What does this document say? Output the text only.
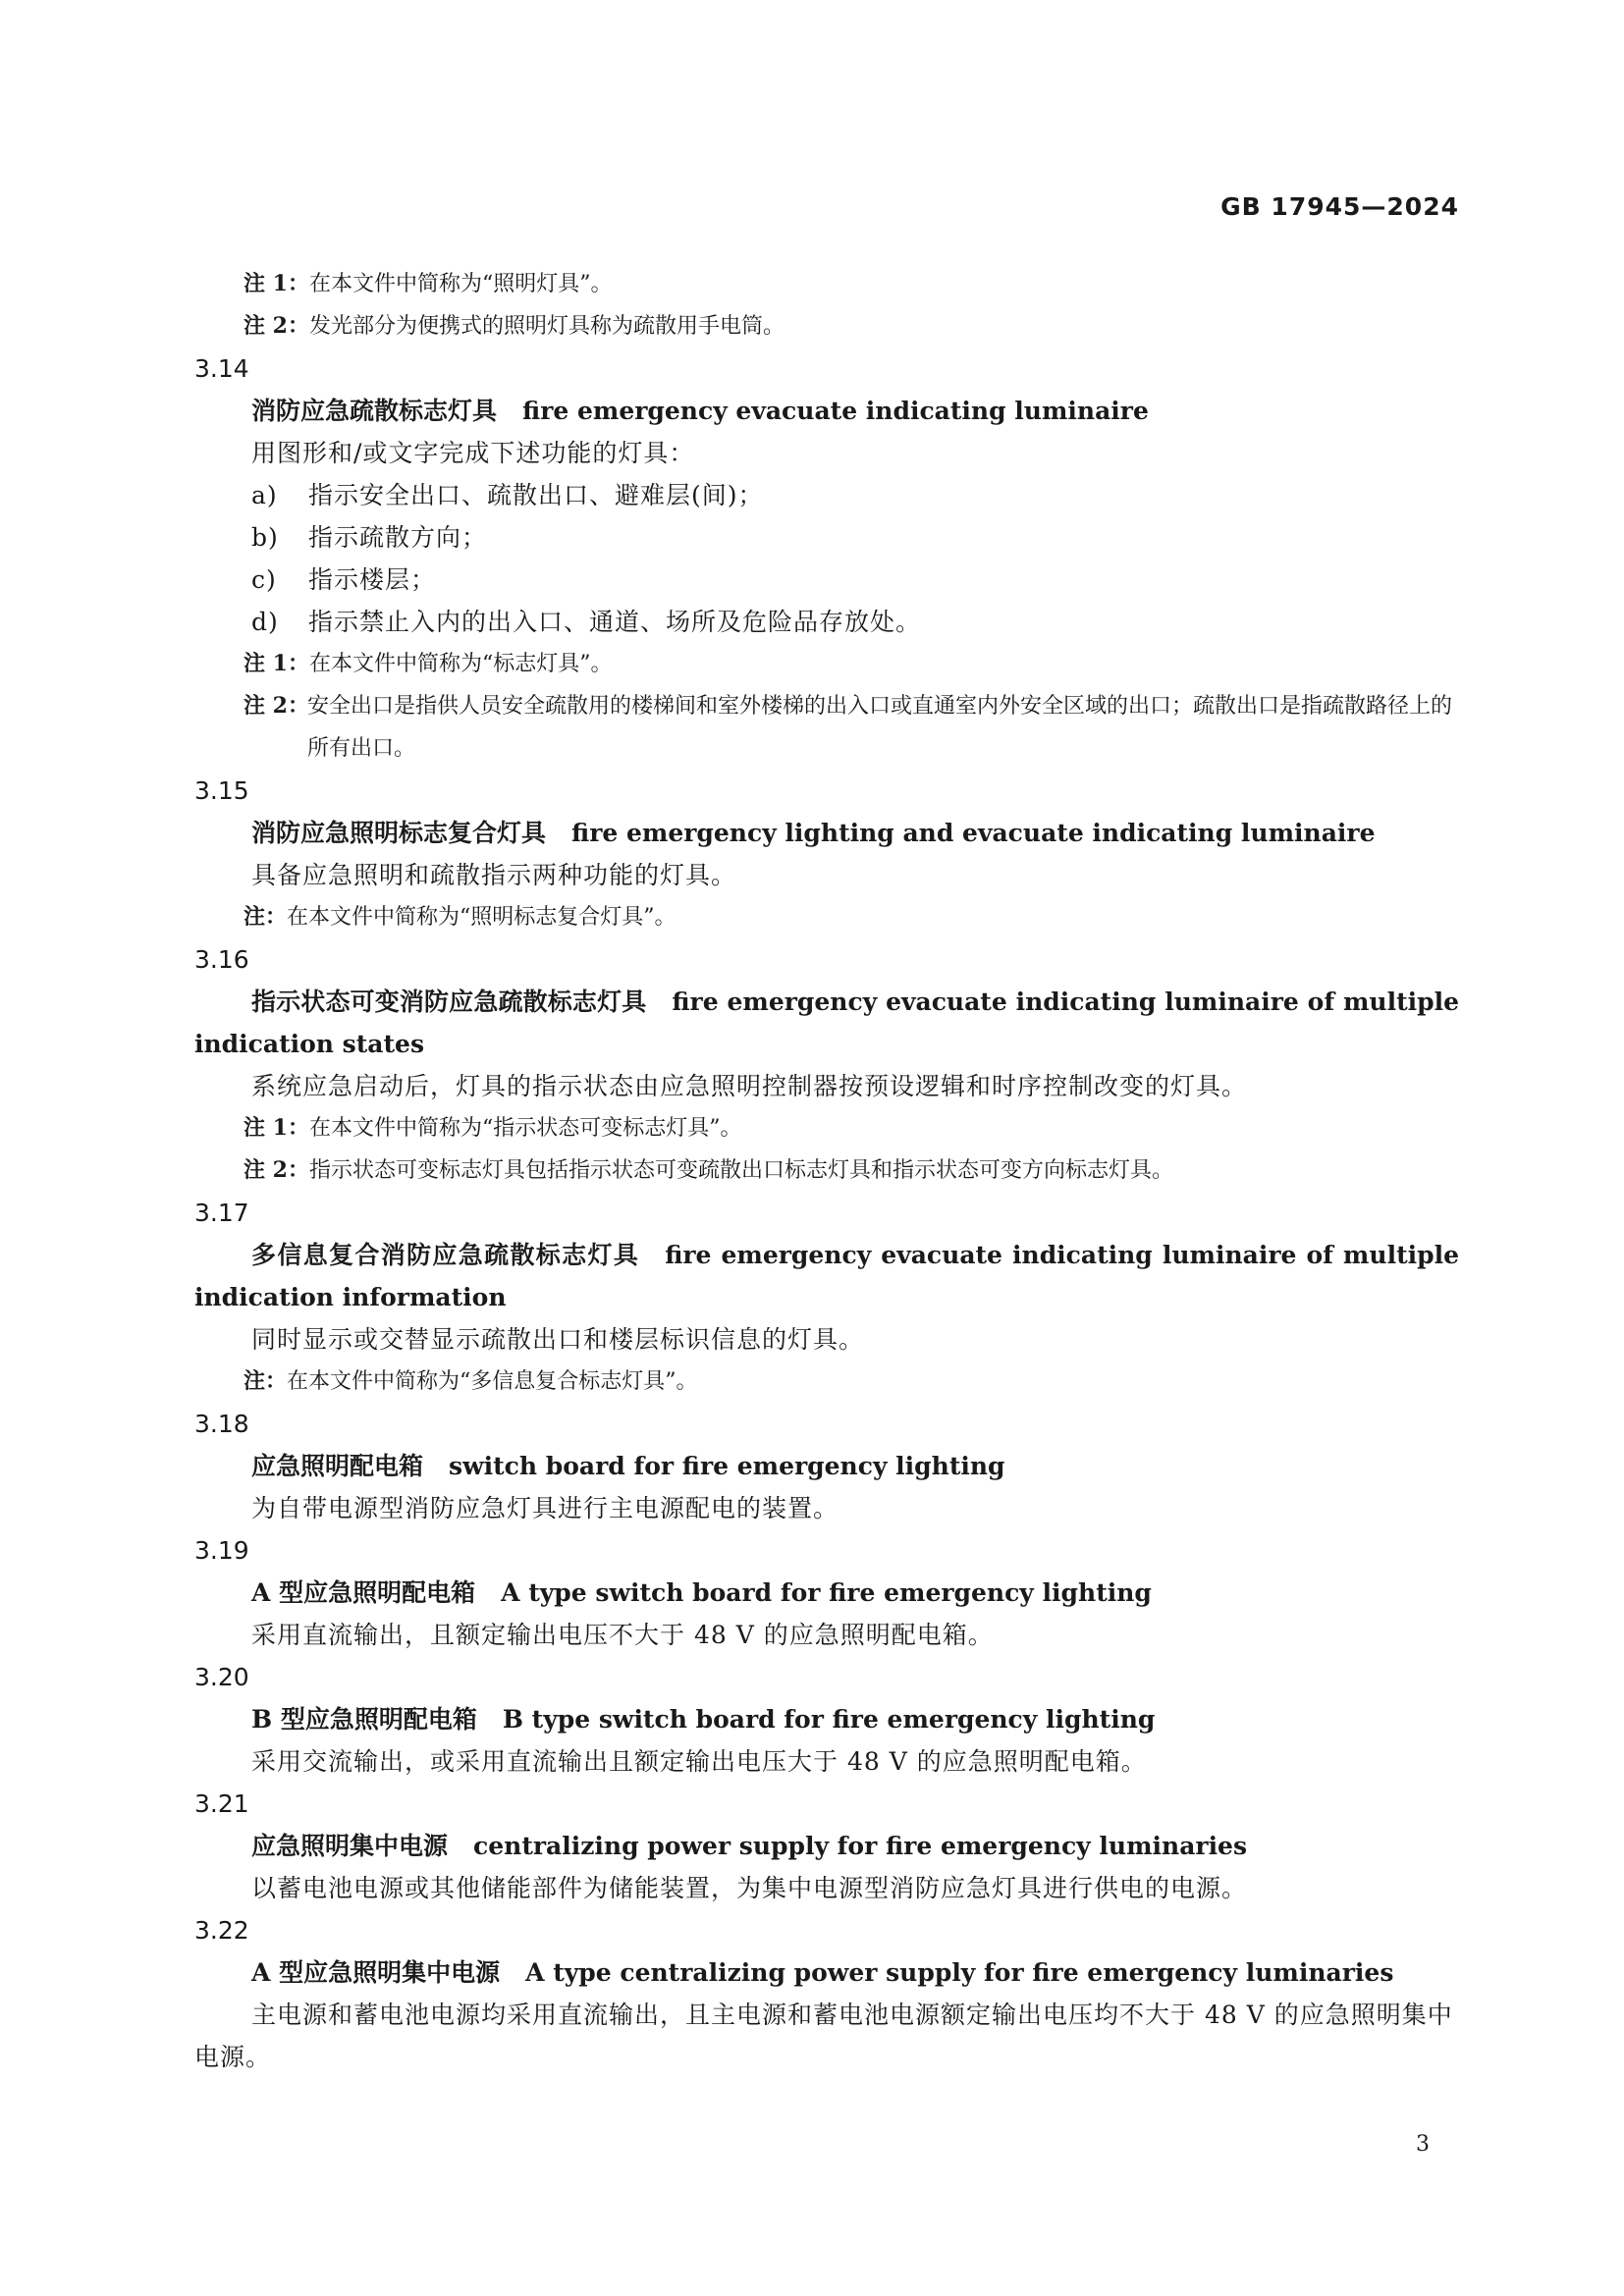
GB 17945—2024

注 1：在本文件中简称为“照明灯具”。

注 2：发光部分为便携式的照明灯具称为疏散用手电筒。

3.14

消防应急疏散标志灯具 fire emergency evacuate indicating luminaire

用图形和/或文字完成下述功能的灯具：

a) 指示安全出口、疏散出口、避难层(间)；

b) 指示疏散方向；

c) 指示楼层；

d) 指示禁止入内的出入口、通道、场所及危险品存放处。

注 1：在本文件中简称为“标志灯具”。

注 2：
安全出口是指供人员安全疏散用的楼梯间和室外楼梯的出入口或直通室内外安全区域的出口；疏散出口是指疏散路径上的所有出口。

3.15

消防应急照明标志复合灯具 fire emergency lighting and evacuate indicating luminaire

具备应急照明和疏散指示两种功能的灯具。

注：在本文件中简称为“照明标志复合灯具”。

3.16

指示状态可变消防应急疏散标志灯具 fire emergency evacuate indicating luminaire of multiple indication states

系统应急启动后，灯具的指示状态由应急照明控制器按预设逻辑和时序控制改变的灯具。

注 1：在本文件中简称为“指示状态可变标志灯具”。

注 2：指示状态可变标志灯具包括指示状态可变疏散出口标志灯具和指示状态可变方向标志灯具。

3.17

多信息复合消防应急疏散标志灯具 fire emergency evacuate indicating luminaire of multiple indication information

同时显示或交替显示疏散出口和楼层标识信息的灯具。

注：在本文件中简称为“多信息复合标志灯具”。

3.18

应急照明配电箱 switch board for fire emergency lighting

为自带电源型消防应急灯具进行主电源配电的装置。

3.19

A 型应急照明配电箱 A type switch board for fire emergency lighting

采用直流输出，且额定输出电压不大于 48 V 的应急照明配电箱。

3.20

B 型应急照明配电箱 B type switch board for fire emergency lighting

采用交流输出，或采用直流输出且额定输出电压大于 48 V 的应急照明配电箱。

3.21

应急照明集中电源 centralizing power supply for fire emergency luminaries

以蓄电池电源或其他储能部件为储能装置，为集中电源型消防应急灯具进行供电的电源。

3.22

A 型应急照明集中电源 A type centralizing power supply for fire emergency luminaries

主电源和蓄电池电源均采用直流输出，且主电源和蓄电池电源额定输出电压均不大于 48 V 的应急照明集中电源。

3
